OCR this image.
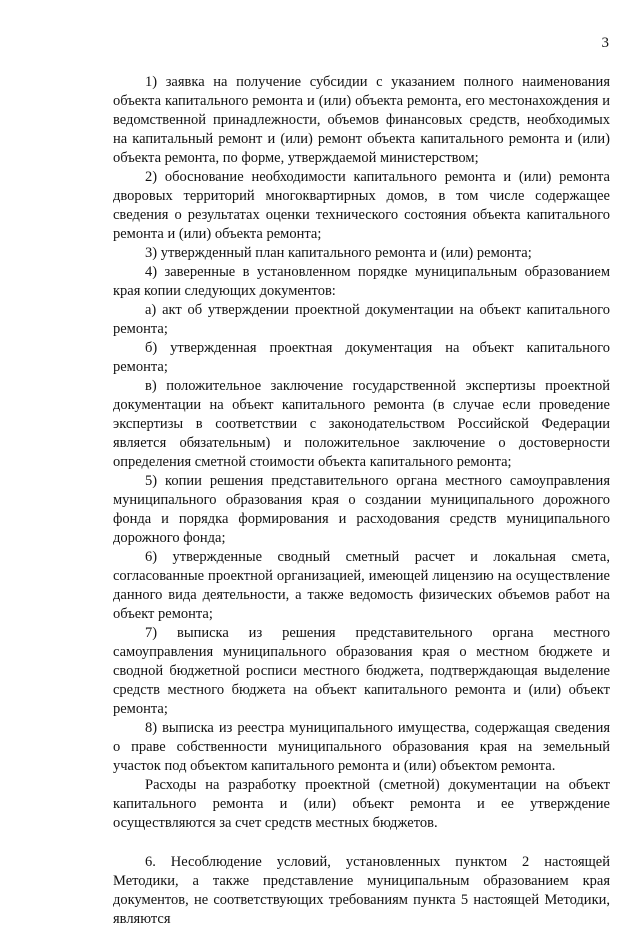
3

1) заявка на получение субсидии с указанием полного наименования объекта капитального ремонта и (или) объекта ремонта, его местонахождения и ведомственной принадлежности, объемов финансовых средств, необходимых на капитальный ремонт и (или) ремонт объекта капитального ремонта и (или) объекта ремонта, по форме, утверждаемой министерством;

2) обоснование необходимости капитального ремонта и (или) ремонта дворовых территорий многоквартирных домов, в том числе содержащее сведения о результатах оценки технического состояния объекта капитального ремонта и (или) объекта ремонта;

3) утвержденный план капитального ремонта и (или) ремонта;

4) заверенные в установленном порядке муниципальным образованием края копии следующих документов:

а) акт об утверждении проектной документации на объект капитального ремонта;

б) утвержденная проектная документация на объект капитального ремонта;

в) положительное заключение государственной экспертизы проектной документации на объект капитального ремонта (в случае если проведение экспертизы в соответствии с законодательством Российской Федерации является обязательным) и положительное заключение о достоверности определения сметной стоимости объекта капитального ремонта;

5) копии решения представительного органа местного самоуправления муниципального образования края о создании муниципального дорожного фонда и порядка формирования и расходования средств муниципального дорожного фонда;

6) утвержденные сводный сметный расчет и локальная смета, согласованные проектной организацией, имеющей лицензию на осуществление данного вида деятельности, а также ведомость физических объемов работ на объект ремонта;

7) выписка из решения представительного органа местного самоуправления муниципального образования края о местном бюджете и сводной бюджетной росписи местного бюджета, подтверждающая выделение средств местного бюджета на объект капитального ремонта и (или) объект ремонта;

8) выписка из реестра муниципального имущества, содержащая сведения о праве собственности муниципального образования края на земельный участок под объектом капитального ремонта и (или) объектом ремонта.

Расходы на разработку проектной (сметной) документации на объект капитального ремонта и (или) объект ремонта и ее утверждение осуществляются за счет средств местных бюджетов.

6. Несоблюдение условий, установленных пунктом 2 настоящей Методики, а также представление муниципальным образованием края документов, не соответствующих требованиям пункта 5 настоящей Методики, являются
